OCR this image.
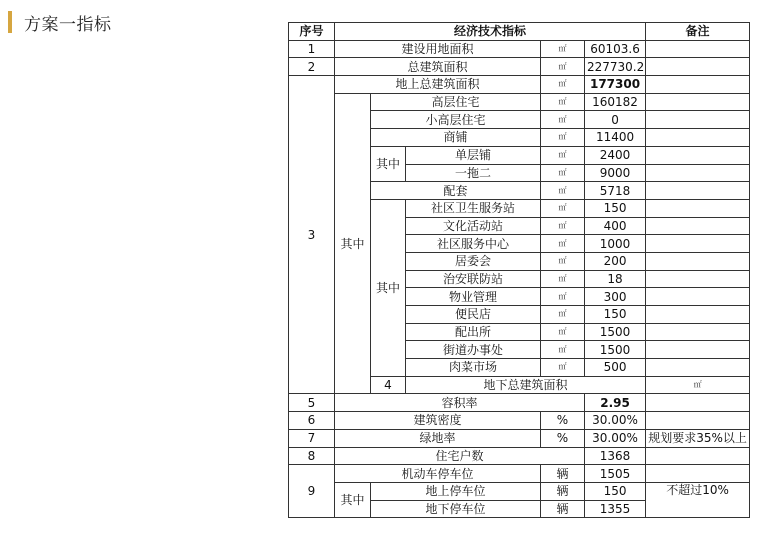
方案一指标	序号	经济技术指标					备注	
1	建设用地面积			㎡	60103.6		
2	总建筑面积			㎡	227730.2		
3	地上总建筑面积			㎡	177300		
	其中	高层住宅		㎡	160182		
		小高层住宅		㎡	0		
		商铺		㎡	11400		
		其中	单层铺	㎡	2400		
			一拖二	㎡	9000		
		配套		㎡	5718		
		其中	社区卫生服务站	㎡	150		
			文化活动站	㎡	400		
			社区服务中心	㎡	1000		
			居委会	㎡	200		
			治安联防站	㎡	18		
			物业管理	㎡	300		
			便民店	㎡	150		
			配出所	㎡	1500		
			街道办事处	㎡	1500		
			肉菜市场	㎡	500		
		4	地下总建筑面积			㎡		
5	容积率				2.95		
6	建筑密度			%	30.00%		
7	绿地率			%	30.00%	规划要求35%以上	
8	住宅户数				1368		
9	机动车停车位			辆	1505		
	其中	地上停车位		辆	150	不超过10%	
		地下停车位		辆	1355		
